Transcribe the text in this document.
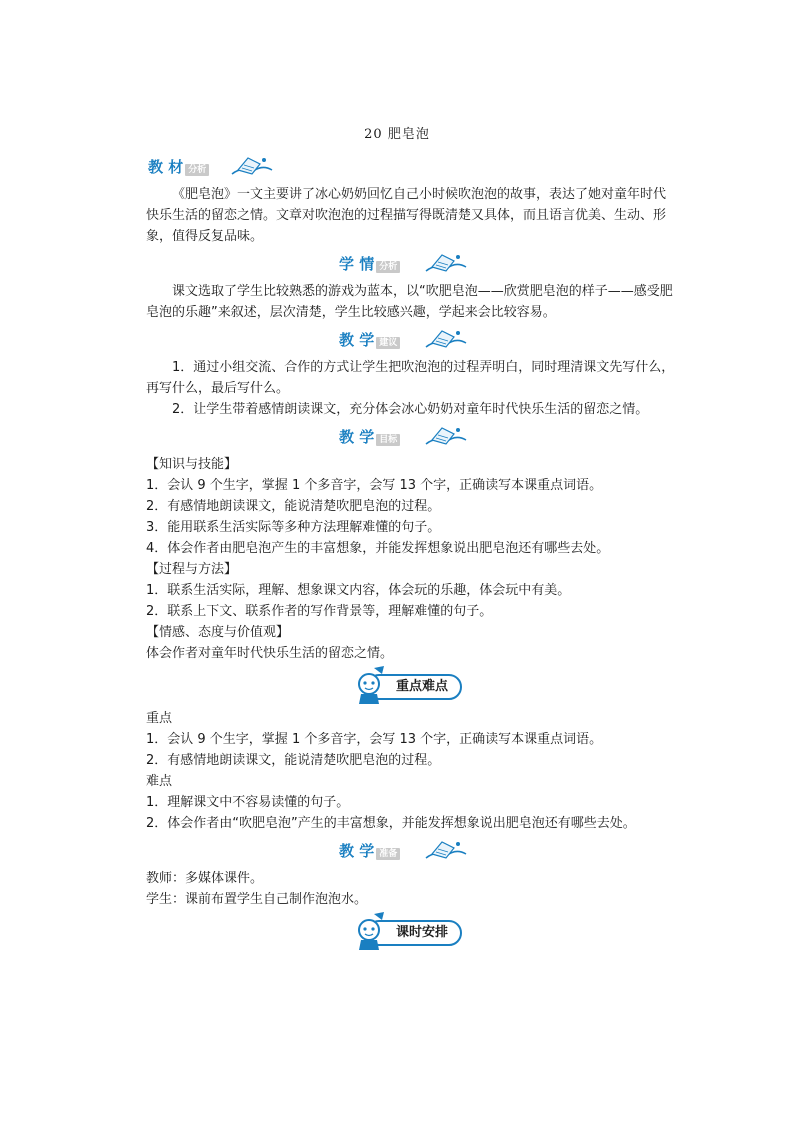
20 肥皂泡
教 材 分析

《肥皂泡》一文主要讲了冰心奶奶回忆自己小时候吹泡泡的故事，表达了她对童年时代快乐生活的留恋之情。文章对吹泡泡的过程描写得既清楚又具体，而且语言优美、生动、形象，值得反复品味。

学 情 分析

课文选取了学生比较熟悉的游戏为蓝本，以“吹肥皂泡——欣赏肥皂泡的样子——感受肥皂泡的乐趣”来叙述，层次清楚，学生比较感兴趣，学起来会比较容易。

教 学 建议

1．通过小组交流、合作的方式让学生把吹泡泡的过程弄明白，同时理清课文先写什么，再写什么，最后写什么。

2．让学生带着感情朗读课文，充分体会冰心奶奶对童年时代快乐生活的留恋之情。

教 学 目标

【知识与技能】

1．会认 9 个生字，掌握 1 个多音字，会写 13 个字，正确读写本课重点词语。

2．有感情地朗读课文，能说清楚吹肥皂泡的过程。

3．能用联系生活实际等多种方法理解难懂的句子。

4．体会作者由肥皂泡产生的丰富想象，并能发挥想象说出肥皂泡还有哪些去处。

【过程与方法】

1．联系生活实际，理解、想象课文内容，体会玩的乐趣，体会玩中有美。

2．联系上下文、联系作者的写作背景等，理解难懂的句子。

【情感、态度与价值观】

体会作者对童年时代快乐生活的留恋之情。

重点难点

重点

1．会认 9 个生字，掌握 1 个多音字，会写 13 个字，正确读写本课重点词语。

2．有感情地朗读课文，能说清楚吹肥皂泡的过程。

难点

1．理解课文中不容易读懂的句子。

2．体会作者由“吹肥皂泡”产生的丰富想象，并能发挥想象说出肥皂泡还有哪些去处。

教 学 准备

教师：多媒体课件。

学生：课前布置学生自己制作泡泡水。

课时安排
